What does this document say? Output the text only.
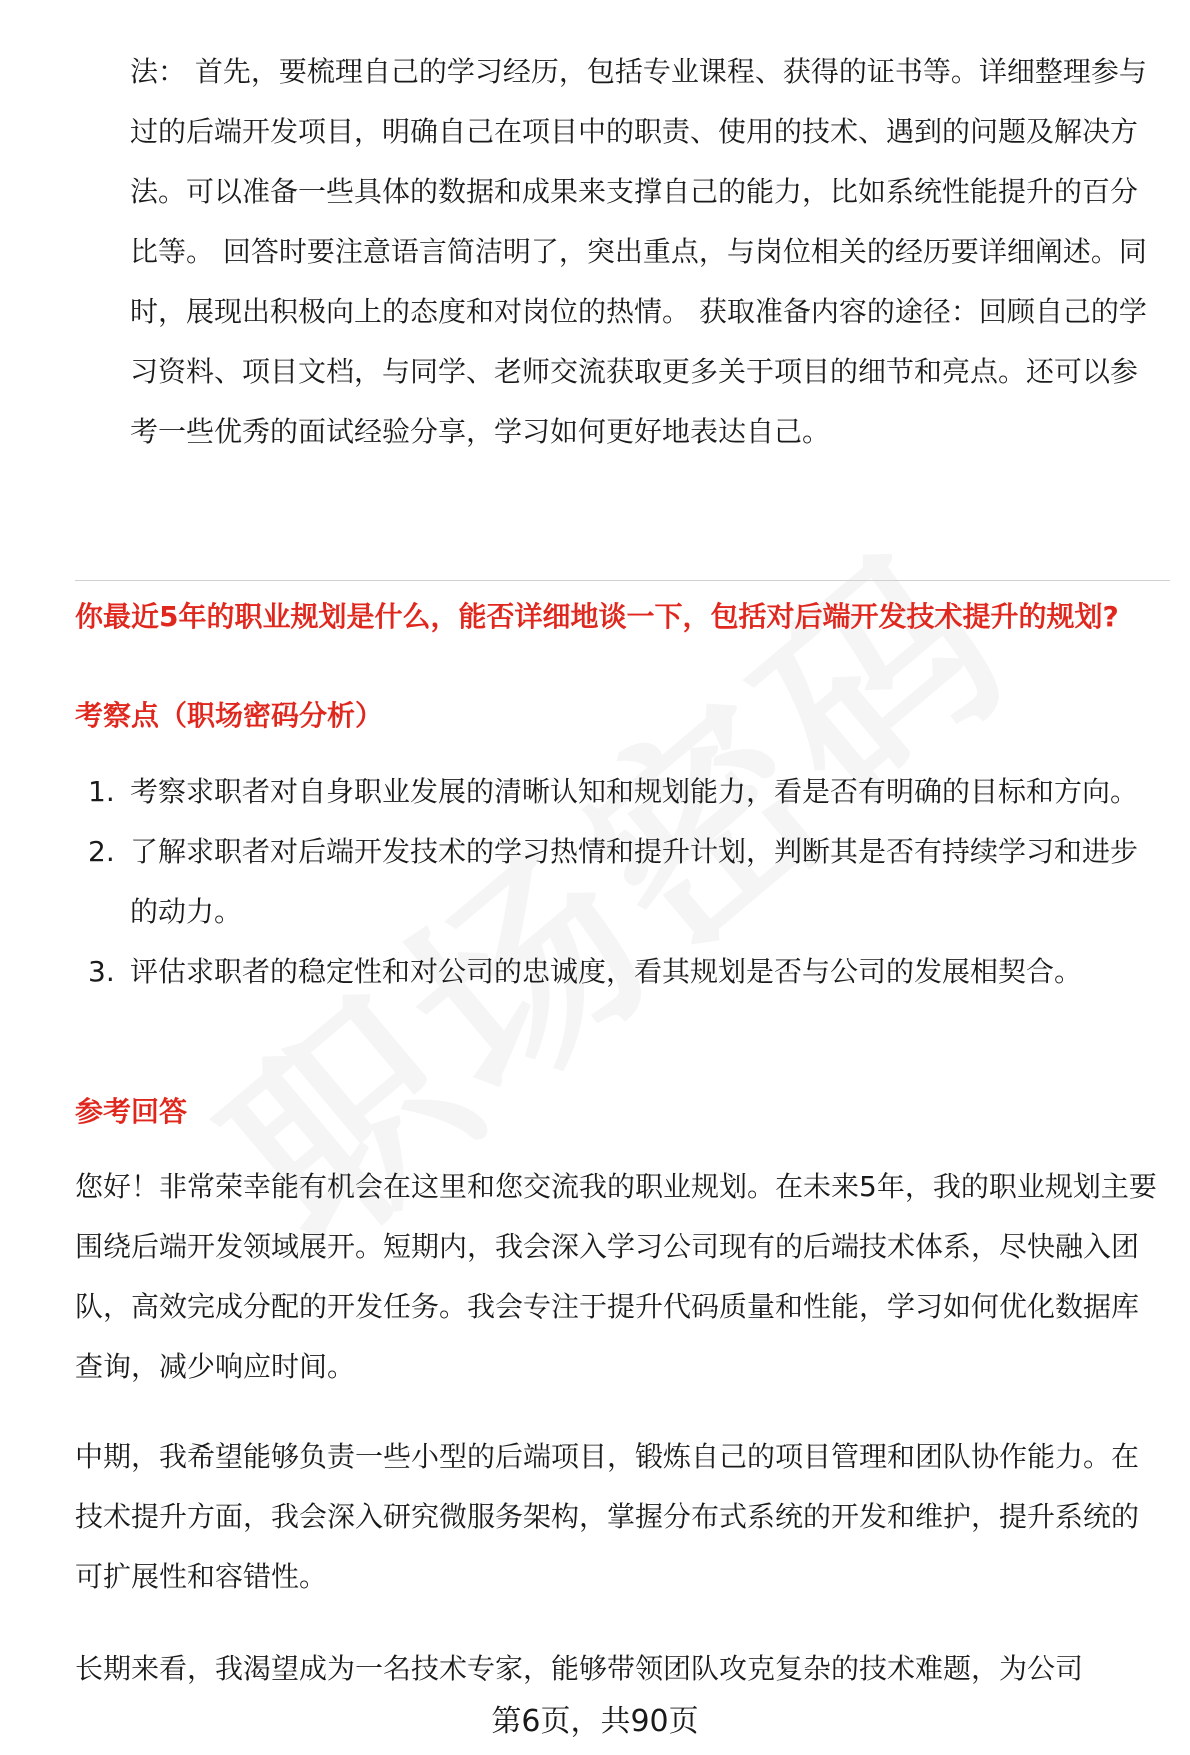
法： 首先，要梳理自己的学习经历，包括专业课程、获得的证书等。详细整理参与过的后端开发项目，明确自己在项目中的职责、使用的技术、遇到的问题及解决方法。可以准备一些具体的数据和成果来支撑自己的能力，比如系统性能提升的百分比等。 回答时要注意语言简洁明了，突出重点，与岗位相关的经历要详细阐述。同时，展现出积极向上的态度和对岗位的热情。 获取准备内容的途径：回顾自己的学习资料、项目文档，与同学、老师交流获取更多关于项目的细节和亮点。还可以参考一些优秀的面试经验分享，学习如何更好地表达自己。

你最近5年的职业规划是什么，能否详细地谈一下，包括对后端开发技术提升的规划?

考察点（职场密码分析）

1. 考察求职者对自身职业发展的清晰认知和规划能力，看是否有明确的目标和方向。
2. 了解求职者对后端开发技术的学习热情和提升计划，判断其是否有持续学习和进步的动力。
3. 评估求职者的稳定性和对公司的忠诚度，看其规划是否与公司的发展相契合。

参考回答

您好！非常荣幸能有机会在这里和您交流我的职业规划。在未来5年，我的职业规划主要围绕后端开发领域展开。短期内，我会深入学习公司现有的后端技术体系，尽快融入团队，高效完成分配的开发任务。我会专注于提升代码质量和性能，学习如何优化数据库查询，减少响应时间。

中期，我希望能够负责一些小型的后端项目，锻炼自己的项目管理和团队协作能力。在技术提升方面，我会深入研究微服务架构，掌握分布式系统的开发和维护，提升系统的可扩展性和容错性。

长期来看，我渴望成为一名技术专家，能够带领团队攻克复杂的技术难题，为公司

第6页，共90页
